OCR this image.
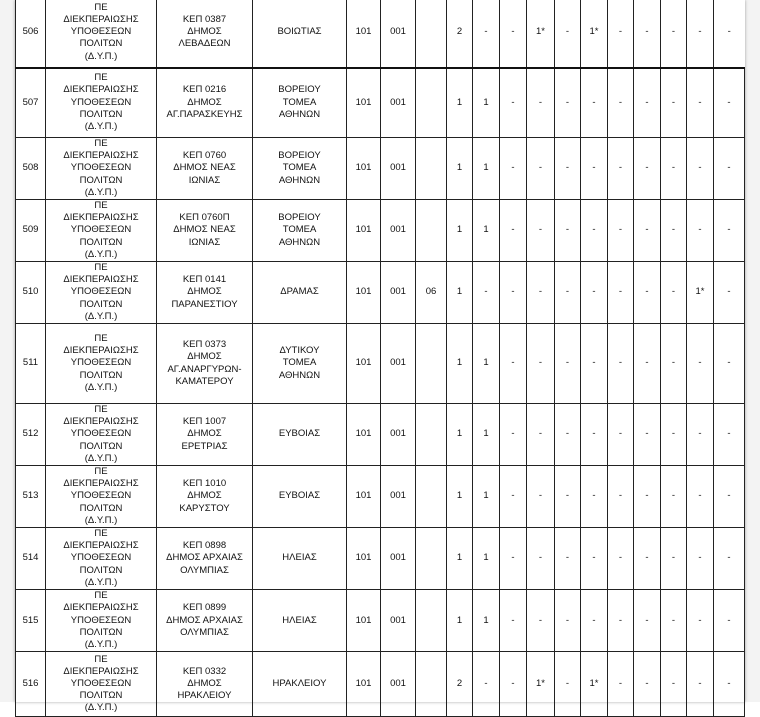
506	ΠΕ
ΔΙΕΚΠΕΡΑΙΩΣΗΣ
ΥΠΟΘΕΣΕΩΝ
ΠΟΛΙΤΩΝ
(Δ.Υ.Π.)	ΚΕΠ 0387
ΔΗΜΟΣ
ΛΕΒΑΔΕΩΝ	ΒΟΙΩΤΙΑΣ	101	001		2	-	-	1*	-	1*	-	-	-	-	-
507	ΠΕ
ΔΙΕΚΠΕΡΑΙΩΣΗΣ
ΥΠΟΘΕΣΕΩΝ
ΠΟΛΙΤΩΝ
(Δ.Υ.Π.)	ΚΕΠ 0216
ΔΗΜΟΣ
ΑΓ.ΠΑΡΑΣΚΕΥΗΣ	ΒΟΡΕΙΟΥ
ΤΟΜΕΑ
ΑΘΗΝΩΝ	101	001		1	1	-	-	-	-	-	-	-	-	-
508	ΠΕ
ΔΙΕΚΠΕΡΑΙΩΣΗΣ
ΥΠΟΘΕΣΕΩΝ
ΠΟΛΙΤΩΝ
(Δ.Υ.Π.)	ΚΕΠ 0760
ΔΗΜΟΣ ΝΕΑΣ
ΙΩΝΙΑΣ	ΒΟΡΕΙΟΥ
ΤΟΜΕΑ
ΑΘΗΝΩΝ	101	001		1	1	-	-	-	-	-	-	-	-	-
509	ΠΕ
ΔΙΕΚΠΕΡΑΙΩΣΗΣ
ΥΠΟΘΕΣΕΩΝ
ΠΟΛΙΤΩΝ
(Δ.Υ.Π.)	ΚΕΠ 0760Π
ΔΗΜΟΣ ΝΕΑΣ
ΙΩΝΙΑΣ	ΒΟΡΕΙΟΥ
ΤΟΜΕΑ
ΑΘΗΝΩΝ	101	001		1	1	-	-	-	-	-	-	-	-	-
510	ΠΕ
ΔΙΕΚΠΕΡΑΙΩΣΗΣ
ΥΠΟΘΕΣΕΩΝ
ΠΟΛΙΤΩΝ
(Δ.Υ.Π.)	ΚΕΠ 0141
ΔΗΜΟΣ
ΠΑΡΑΝΕΣΤΙΟΥ	ΔΡΑΜΑΣ	101	001	06	1	-	-	-	-	-	-	-	-	1*	-
511	ΠΕ
ΔΙΕΚΠΕΡΑΙΩΣΗΣ
ΥΠΟΘΕΣΕΩΝ
ΠΟΛΙΤΩΝ
(Δ.Υ.Π.)	ΚΕΠ 0373
ΔΗΜΟΣ
ΑΓ.ΑΝΑΡΓΥΡΩΝ-
ΚΑΜΑΤΕΡΟΥ	ΔΥΤΙΚΟΥ
ΤΟΜΕΑ
ΑΘΗΝΩΝ	101	001		1	1	-	-	-	-	-	-	-	-	-
512	ΠΕ
ΔΙΕΚΠΕΡΑΙΩΣΗΣ
ΥΠΟΘΕΣΕΩΝ
ΠΟΛΙΤΩΝ
(Δ.Υ.Π.)	ΚΕΠ 1007
ΔΗΜΟΣ
ΕΡΕΤΡΙΑΣ	ΕΥΒΟΙΑΣ	101	001		1	1	-	-	-	-	-	-	-	-	-
513	ΠΕ
ΔΙΕΚΠΕΡΑΙΩΣΗΣ
ΥΠΟΘΕΣΕΩΝ
ΠΟΛΙΤΩΝ
(Δ.Υ.Π.)	ΚΕΠ 1010
ΔΗΜΟΣ
ΚΑΡΥΣΤΟΥ	ΕΥΒΟΙΑΣ	101	001		1	1	-	-	-	-	-	-	-	-	-
514	ΠΕ
ΔΙΕΚΠΕΡΑΙΩΣΗΣ
ΥΠΟΘΕΣΕΩΝ
ΠΟΛΙΤΩΝ
(Δ.Υ.Π.)	ΚΕΠ 0898
ΔΗΜΟΣ ΑΡΧΑΙΑΣ
ΟΛΥΜΠΙΑΣ	ΗΛΕΙΑΣ	101	001		1	1	-	-	-	-	-	-	-	-	-
515	ΠΕ
ΔΙΕΚΠΕΡΑΙΩΣΗΣ
ΥΠΟΘΕΣΕΩΝ
ΠΟΛΙΤΩΝ
(Δ.Υ.Π.)	ΚΕΠ 0899
ΔΗΜΟΣ ΑΡΧΑΙΑΣ
ΟΛΥΜΠΙΑΣ	ΗΛΕΙΑΣ	101	001		1	1	-	-	-	-	-	-	-	-	-
516	ΠΕ
ΔΙΕΚΠΕΡΑΙΩΣΗΣ
ΥΠΟΘΕΣΕΩΝ
ΠΟΛΙΤΩΝ
(Δ.Υ.Π.)	ΚΕΠ 0332
ΔΗΜΟΣ
ΗΡΑΚΛΕΙΟΥ	ΗΡΑΚΛΕΙΟΥ	101	001		2	-	-	1*	-	1*	-	-	-	-	-
